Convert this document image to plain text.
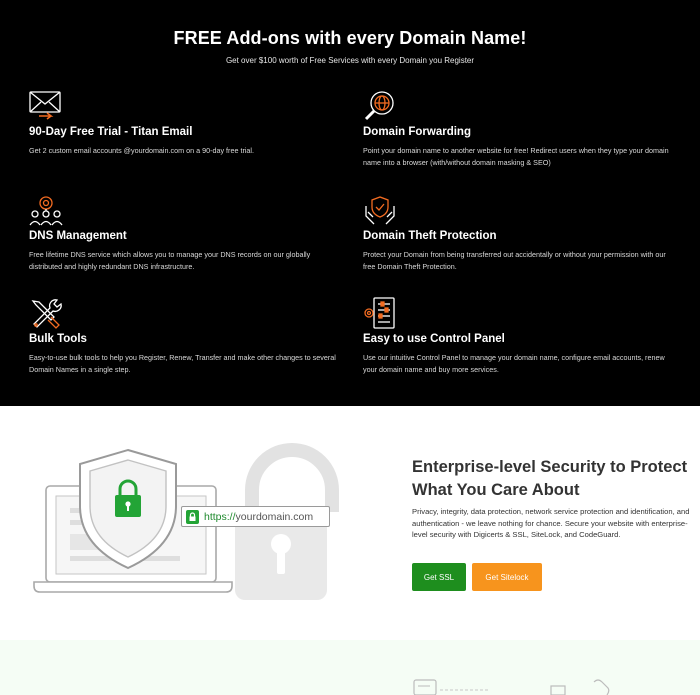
FREE Add-ons with every Domain Name!

Get over $100 worth of Free Services with every Domain you Register

90-Day Free Trial - Titan Email
Get 2 custom email accounts @yourdomain.com on a 90-day free trial.
Domain Forwarding
Point your domain name to another website for free! Redirect users when they type your domain name into a browser (with/without domain masking & SEO)
DNS Management
Free lifetime DNS service which allows you to manage your DNS records on our globally distributed and highly redundant DNS infrastructure.
Domain Theft Protection
Protect your Domain from being transferred out accidentally or without your permission with our free Domain Theft Protection.
Bulk Tools
Easy-to-use bulk tools to help you Register, Renew, Transfer and make other changes to several Domain Names in a single step.
Easy to use Control Panel
Use our intuitive Control Panel to manage your domain name, configure email accounts, renew your domain name and buy more services.
https:// yourdomain.com
Enterprise-level Security to Protect What You Care About

Privacy, integrity, data protection, network service protection and identification, and authentication - we leave nothing for chance. Secure your website with enterprise-level security with Digicerts & SSL, SiteLock, and CodeGuard.

Get SSL	Get Sitelock
